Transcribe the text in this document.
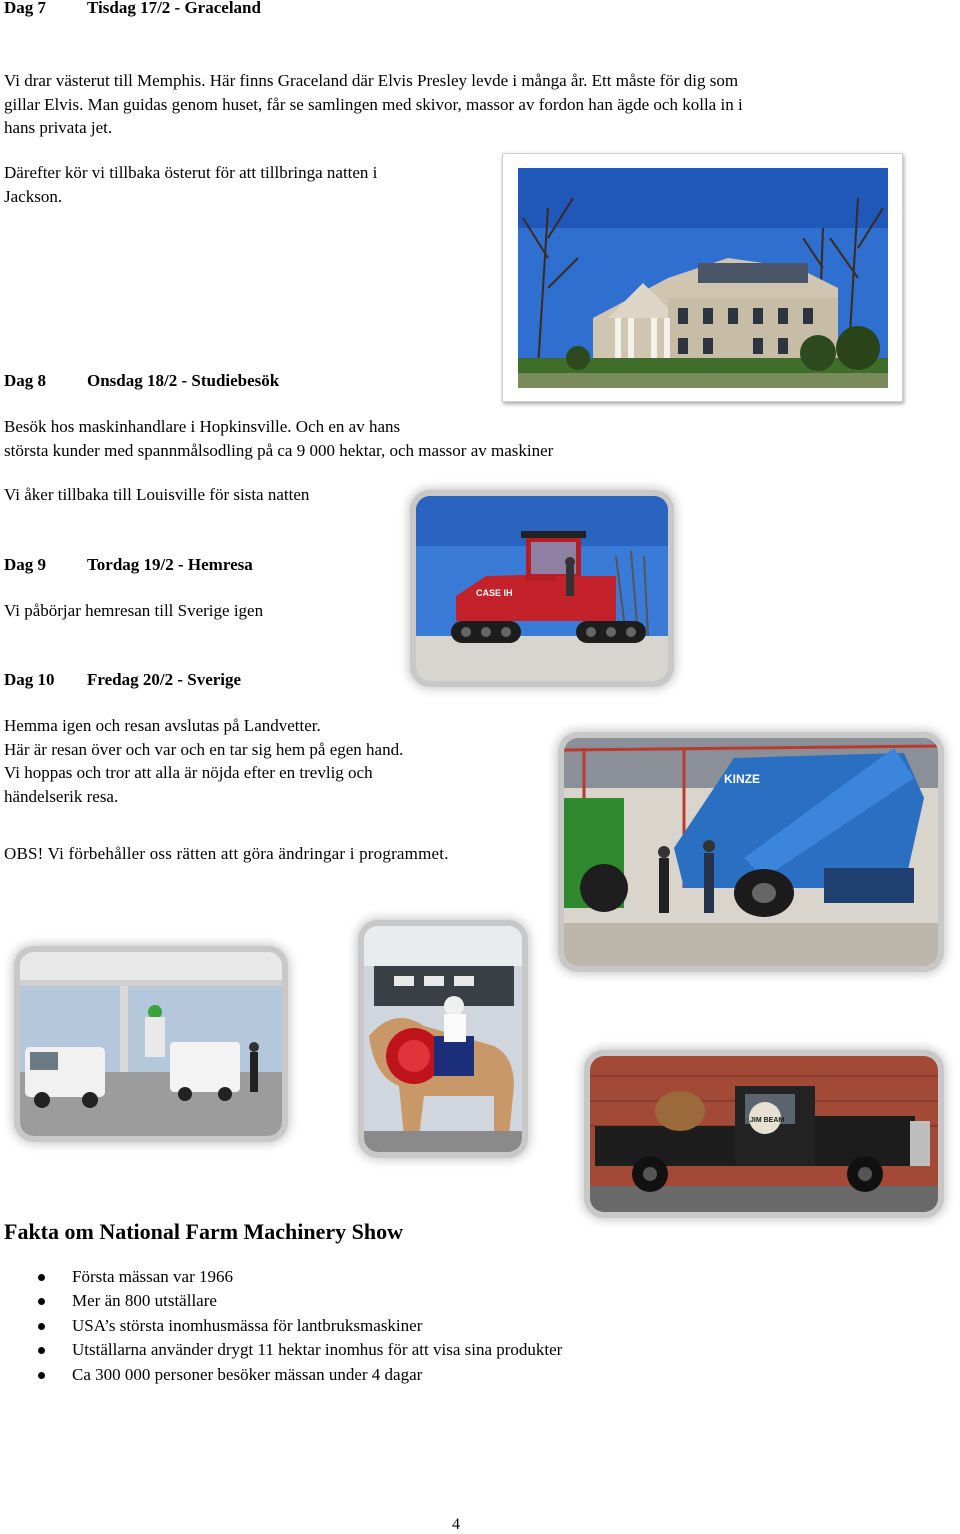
Dag 7 Tisdag 17/2 - Graceland

Vi drar västerut till Memphis. Här finns Graceland där Elvis Presley levde i många år. Ett måste för dig som

gillar Elvis. Man guidas genom huset, får se samlingen med skivor, massor av fordon han ägde och kolla in i

hans privata jet.

Därefter kör vi tillbaka österut för att tillbringa natten i

Jackson.

Dag 8 Onsdag 18/2 - Studiebesök

Besök hos maskinhandlare i Hopkinsville. Och en av hans

största kunder med spannmålsodling på ca 9 000 hektar, och massor av maskiner

Vi åker tillbaka till Louisville för sista natten

CASE IH
Dag 9 Tordag 19/2 - Hemresa

Vi påbörjar hemresan till Sverige igen

Dag 10 Fredag 20/2 - Sverige

Hemma igen och resan avslutas på Landvetter.

Här är resan över och var och en tar sig hem på egen hand.

Vi hoppas och tror att alla är nöjda efter en trevlig och

händelserik resa.

KINZE

OBS! Vi förbehåller oss rätten att göra ändringar i programmet.

JIM BEAM
Fakta om National Farm Machinery Show
Första mässan var 1966
Mer än 800 utställare
USA’s största inomhusmässa för lantbruksmaskiner
Utställarna använder drygt 11 hektar inomhus för att visa sina produkter
Ca 300 000 personer besöker mässan under 4 dagar
4
